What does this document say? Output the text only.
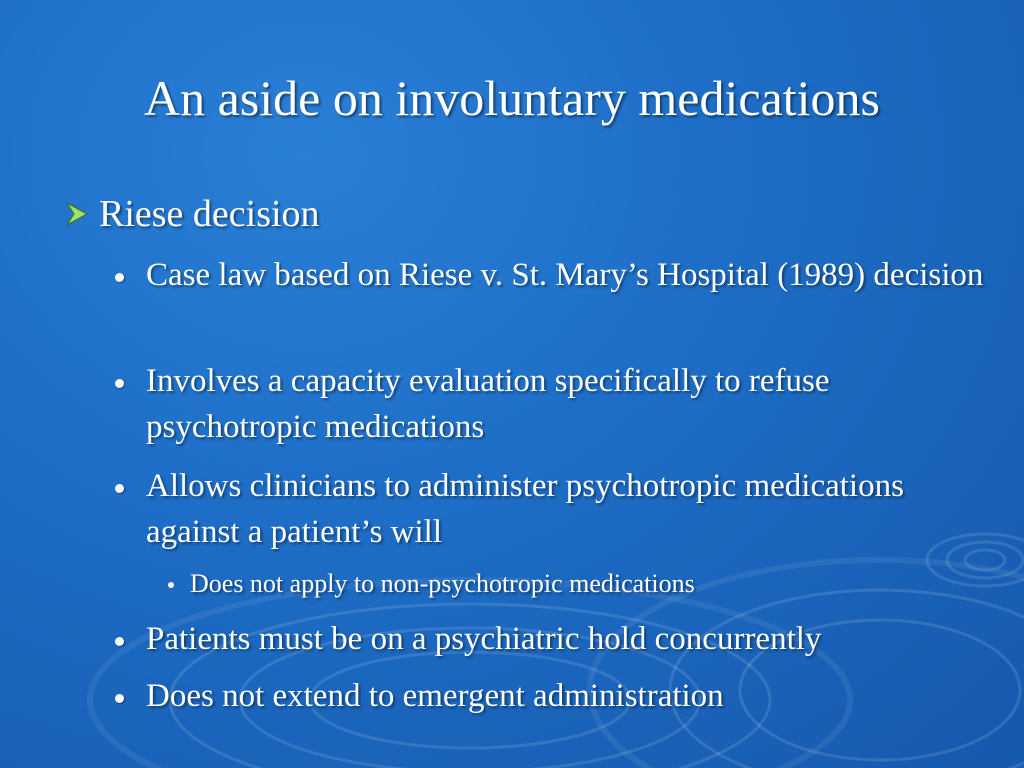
An aside on involuntary medications
Riese decision
Case law based on Riese v. St. Mary’s Hospital (1989) decision
Involves a capacity evaluation specifically to refuse psychotropic medications
Allows clinicians to administer psychotropic medications against a patient’s will
Does not apply to non-psychotropic medications
Patients must be on a psychiatric hold concurrently
Does not extend to emergent administration
